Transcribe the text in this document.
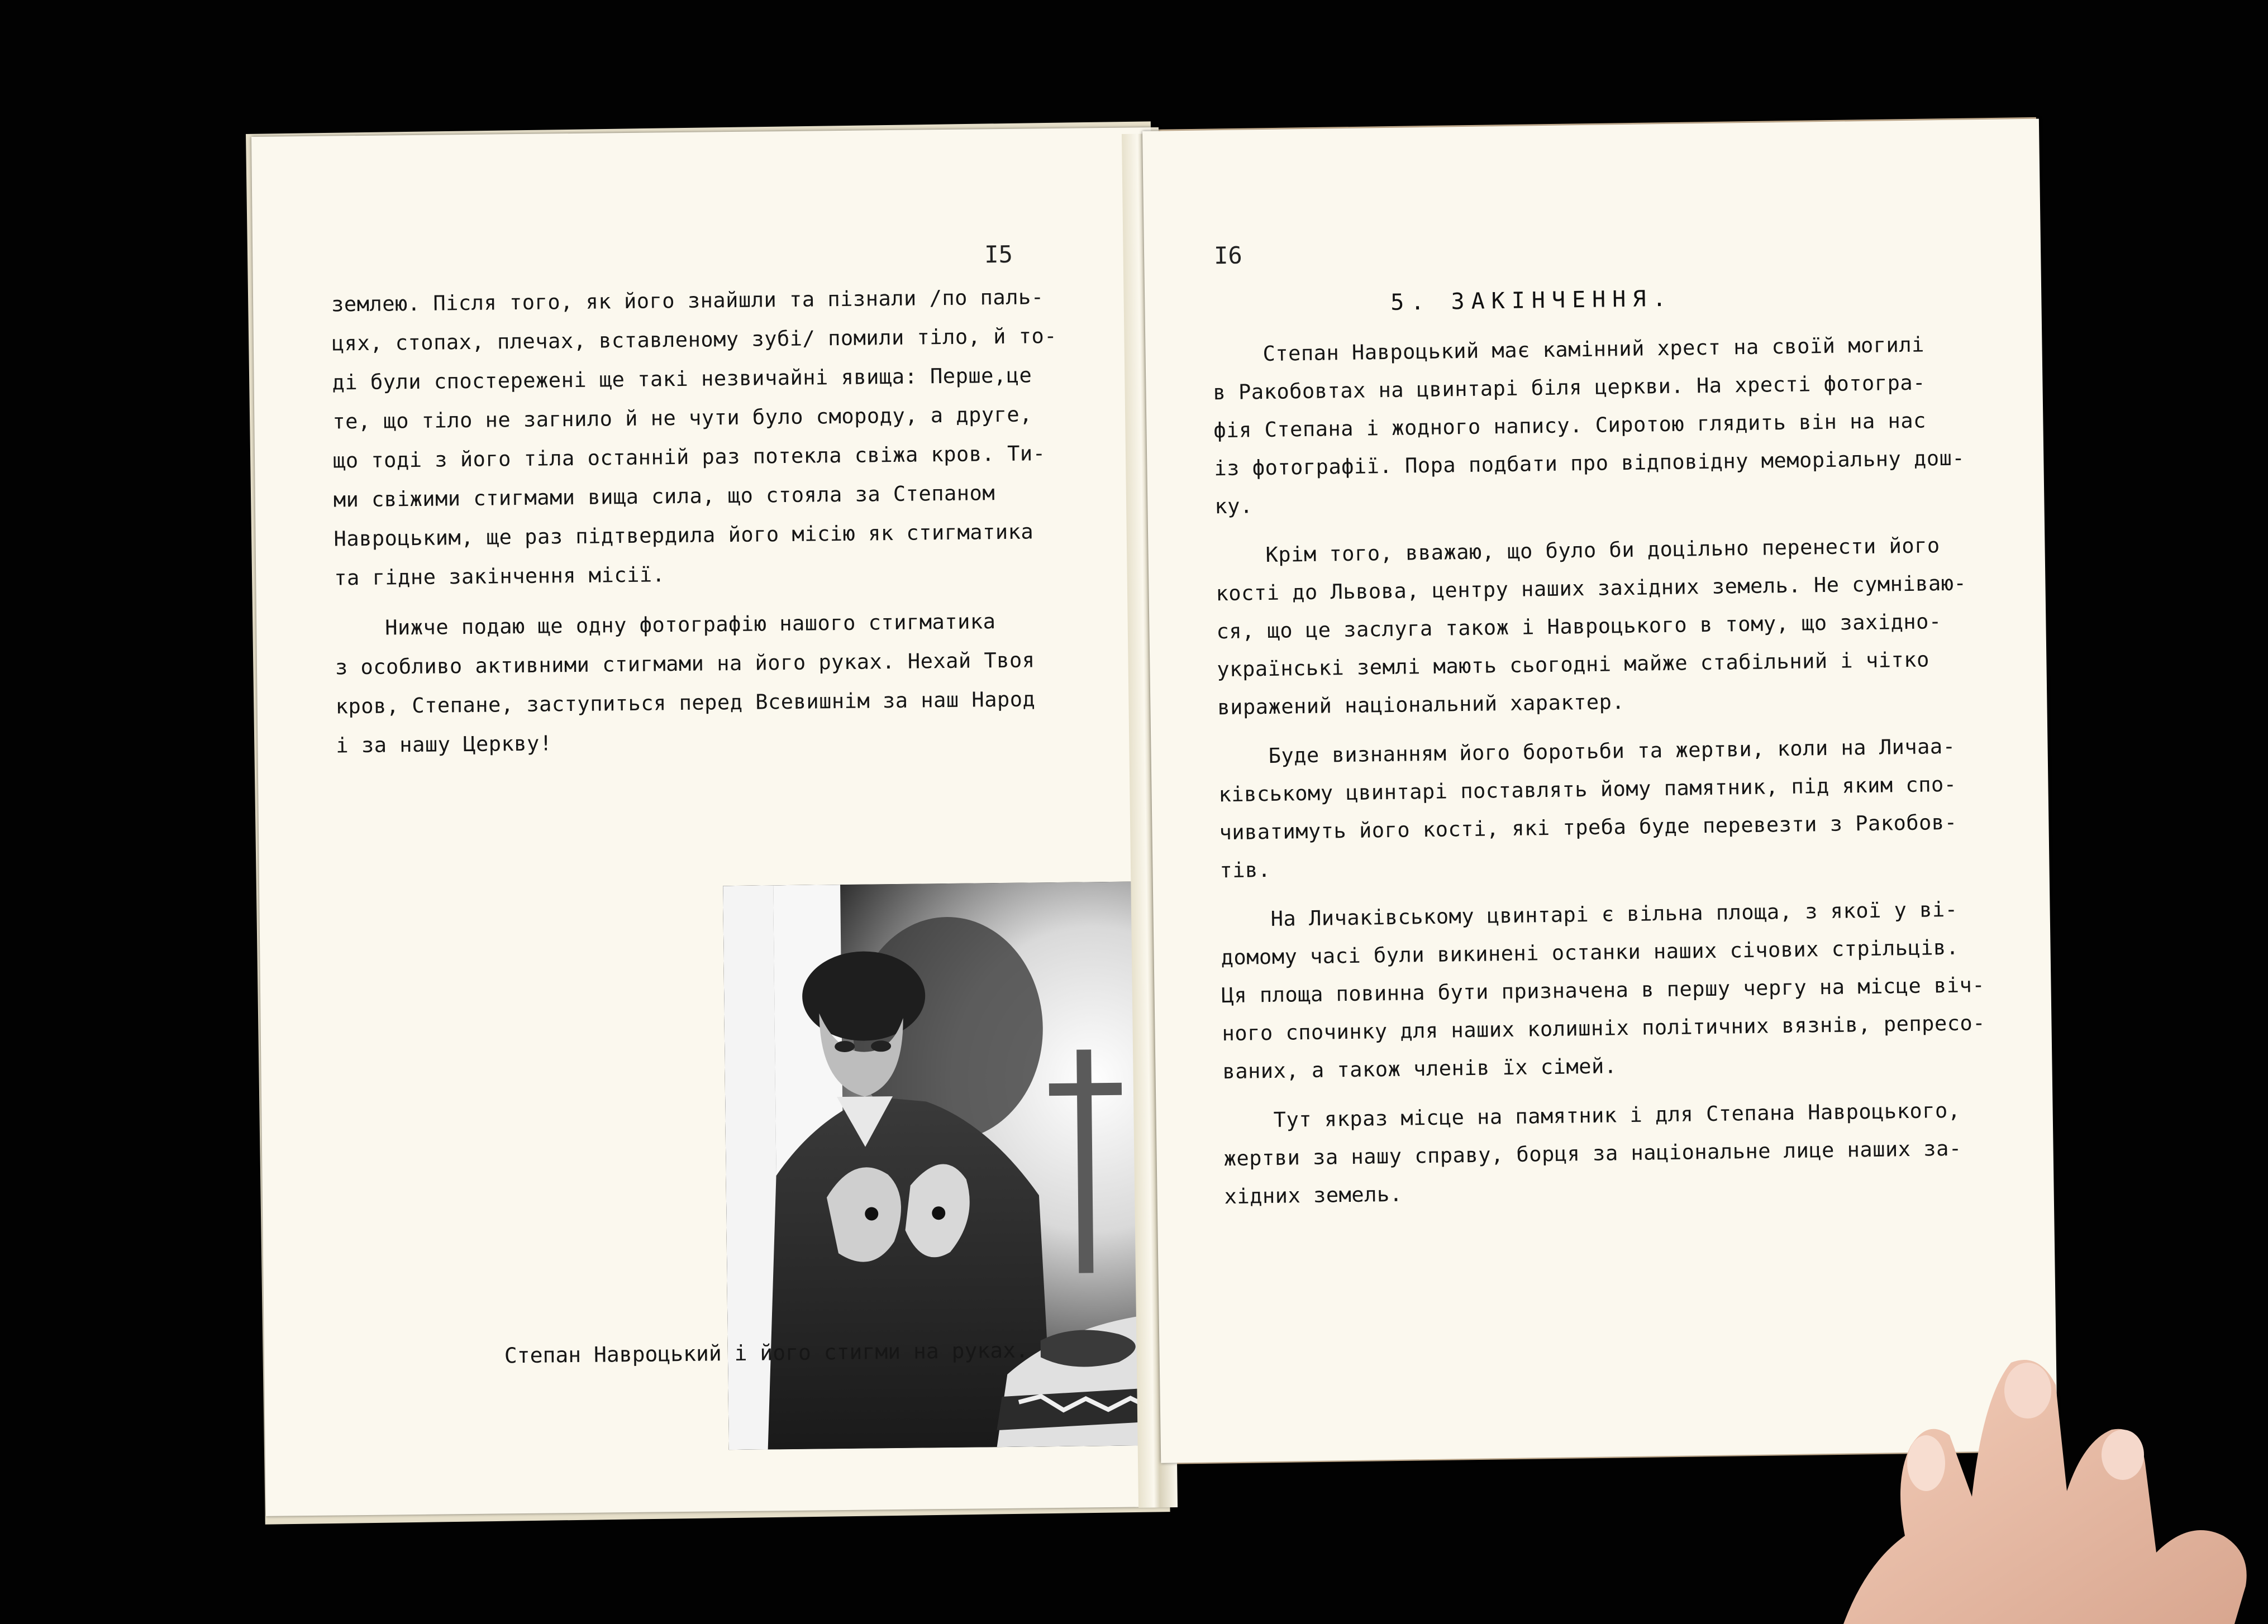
I5
землею. Після того, як його знайшли та пізнали /по паль-
цях, стопах, плечах, вставленому зубі/ помили тіло, й то-
ді були спостережені ще такі незвичайні явища: Перше,це
те, що тіло не загнило й не чути було смороду, а друге,
що тоді з його тіла останній раз потекла свіжа кров. Ти-
ми свіжими стигмами вища сила, що стояла за Степаном
Навроцьким, ще раз підтвердила його місію як стигматика
та гідне закінчення місії.
Нижче подаю ще одну фотографію нашого стигматика
з особливо активними стигмами на його руках. Нехай Твоя
кров, Степане, заступиться перед Всевишнім за наш Народ
і за нашу Церкву!
Степан Навроцький і його стигми на руках.
I6
5. ЗАКІНЧЕННЯ.
Степан Навроцький має камінний хрест на своїй могилі
в Ракобовтах на цвинтарі біля церкви. На хресті фотогра-
фія Степана і жодного напису. Сиротою глядить він на нас
із фотографії. Пора подбати про відповідну меморіальну дош-
ку.
Крім того, вважаю, що було би доцільно перенести його
кості до Львова, центру наших західних земель. Не сумніваю-
ся, що це заслуга також і Навроцького в тому, що західно-
українські землі мають сьогодні майже стабільний і чітко
виражений національний характер.
Буде визнанням його боротьби та жертви, коли на Личаа-
ківському цвинтарі поставлять йому памятник, під яким спо-
чиватимуть його кості, які треба буде перевезти з Ракобов-
тів.
На Личаківському цвинтарі є вільна площа, з якої у ві-
домому часі були викинені останки наших січових стрільців.
Ця площа повинна бути призначена в першу чергу на місце віч-
ного спочинку для наших колишніх політичних вязнів, репресо-
ваних, а також членів їх сімей.
Тут якраз місце на памятник і для Степана Навроцького,
жертви за нашу справу, борця за національне лице наших за-
хідних земель.
